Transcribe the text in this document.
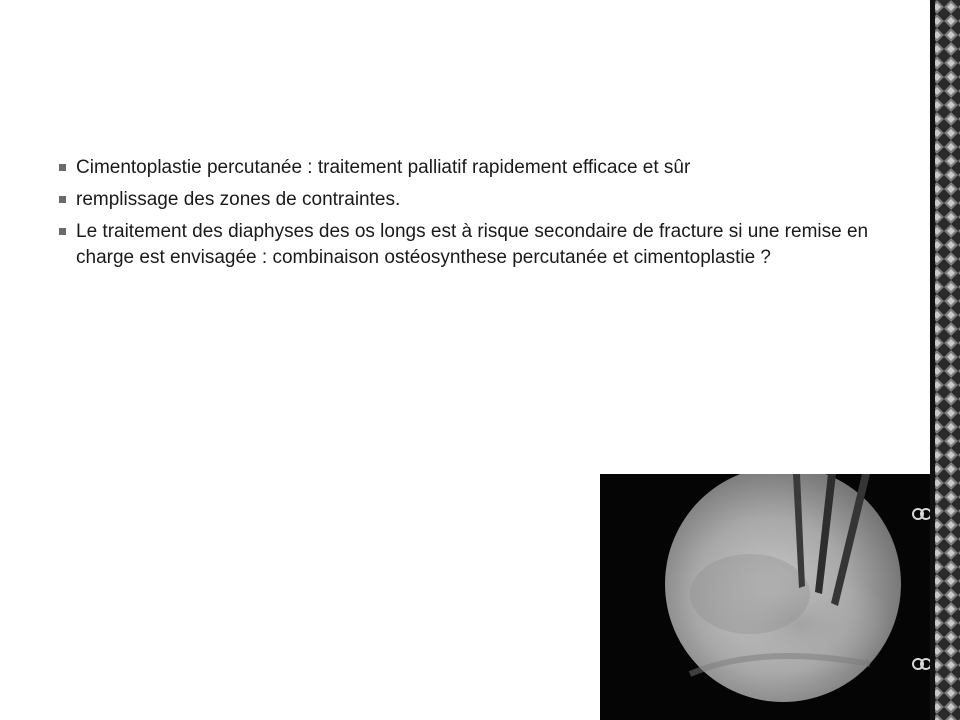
Cimentoplastie percutanée : traitement palliatif rapidement efficace et sûr
remplissage des zones de contraintes.
Le traitement des diaphyses des os longs est à risque secondaire de fracture si une remise en charge est envisagée : combinaison ostéosynthese percutanée et cimentoplastie ?
